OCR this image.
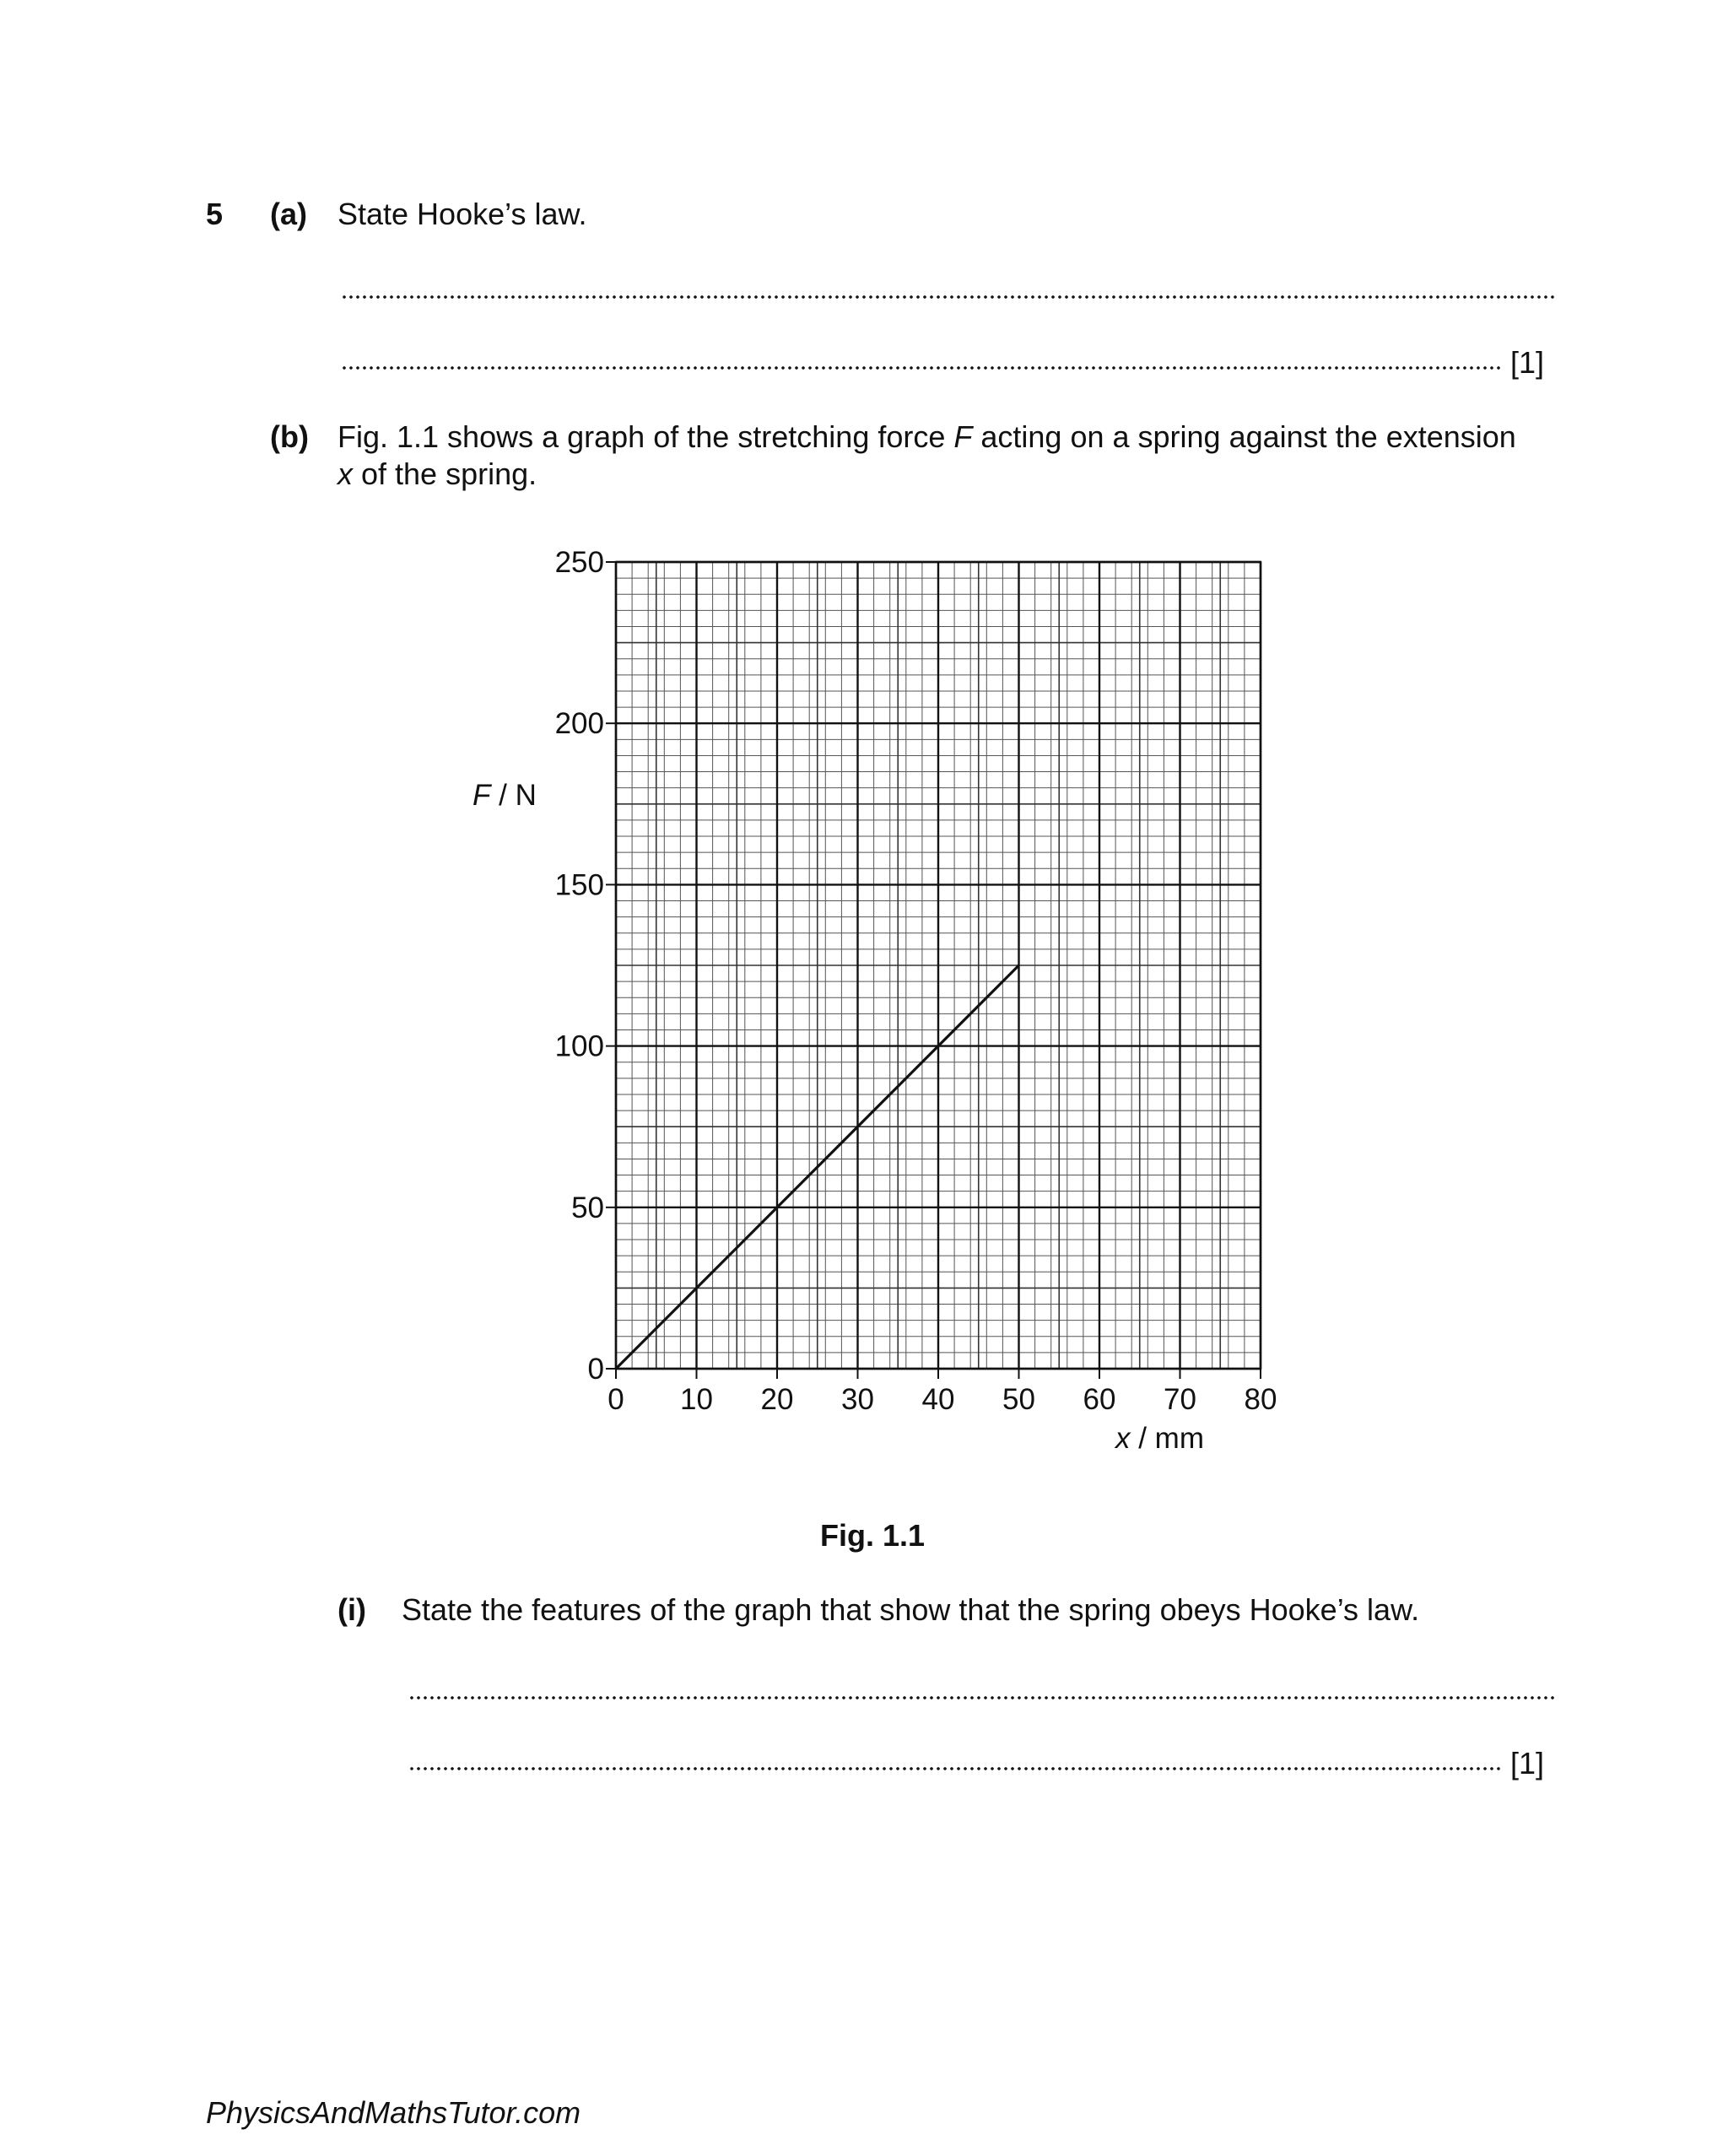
5 (a) State Hooke’s law.
[1]
(b) Fig. 1.1 shows a graph of the stretching force F acting on a spring against the extension
x of the spring.
0 10 20 30 40 50 60 70 80
0
50
100
150
200
250
F / N
x / mm
Fig. 1.1
(i) State the features of the graph that show that the spring obeys Hooke’s law.
[1]
PhysicsAndMathsTutor.com
